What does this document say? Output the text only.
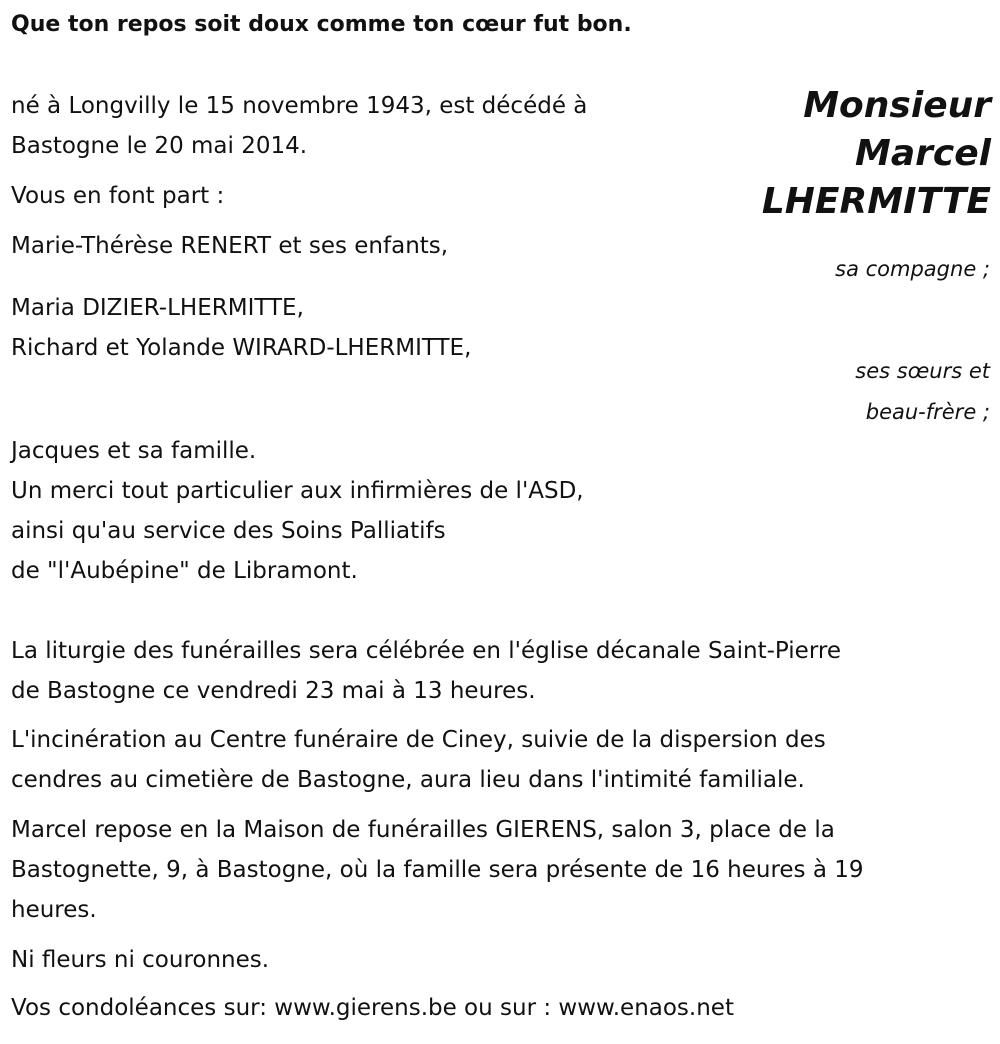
Que ton repos soit doux comme ton cœur fut bon.
Monsieur
Marcel
LHERMITTE
né à Longvilly le 15 novembre 1943, est décédé à
Bastogne le 20 mai 2014.
Vous en font part :
Marie-Thérèse RENERT et ses enfants,
sa compagne ;
Maria DIZIER-LHERMITTE,
Richard et Yolande WIRARD-LHERMITTE,
ses sœurs et
beau-frère ;
Jacques et sa famille.
Un merci tout particulier aux infirmières de l'ASD,
ainsi qu'au service des Soins Palliatifs
de "l'Aubépine" de Libramont.
La liturgie des funérailles sera célébrée en l'église décanale Saint-Pierre
de Bastogne ce vendredi 23 mai à 13 heures.
L'incinération au Centre funéraire de Ciney, suivie de la dispersion des
cendres au cimetière de Bastogne, aura lieu dans l'intimité familiale.
Marcel repose en la Maison de funérailles GIERENS, salon 3, place de la
Bastognette, 9, à Bastogne, où la famille sera présente de 16 heures à 19
heures.
Ni fleurs ni couronnes.
Vos condoléances sur: www.gierens.be ou sur : www.enaos.net
